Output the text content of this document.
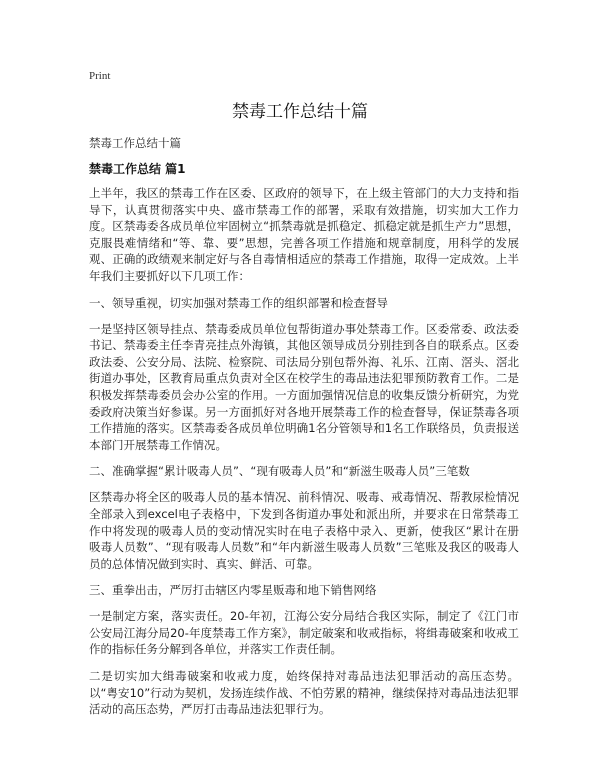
Print
禁毒工作总结十篇
禁毒工作总结十篇
禁毒工作总结 篇1

上半年，我区的禁毒工作在区委、区政府的领导下，在上级主管部门的大力支持和指导下，认真贯彻落实中央、盛市禁毒工作的部署，采取有效措施，切实加大工作力度。区禁毒委各成员单位牢固树立“抓禁毒就是抓稳定、抓稳定就是抓生产力”思想，克服畏难情绪和“等、靠、要”思想，完善各项工作措施和规章制度，用科学的发展观、正确的政绩观来制定好与各自毒情相适应的禁毒工作措施，取得一定成效。上半年我们主要抓好以下几项工作：

一、领导重视，切实加强对禁毒工作的组织部署和检查督导

一是坚持区领导挂点、禁毒委成员单位包帮街道办事处禁毒工作。区委常委、政法委书记、禁毒委主任李青亮挂点外海镇，其他区领导成员分别挂到各自的联系点。区委政法委、公安分局、法院、检察院、司法局分别包帮外海、礼乐、江南、滘头、滘北街道办事处，区教育局重点负责对全区在校学生的毒品违法犯罪预防教育工作。二是积极发挥禁毒委员会办公室的作用。一方面加强情况信息的收集反馈分析研究，为党委政府决策当好参谋。另一方面抓好对各地开展禁毒工作的检查督导，保证禁毒各项工作措施的落实。区禁毒委各成员单位明确1名分管领导和1名工作联络员，负责报送本部门开展禁毒工作情况。

二、准确掌握“累计吸毒人员”、“现有吸毒人员”和“新滋生吸毒人员”三笔数

区禁毒办将全区的吸毒人员的基本情况、前科情况、吸毒、戒毒情况、帮教尿检情况全部录入到excel电子表格中，下发到各街道办事处和派出所，并要求在日常禁毒工作中将发现的吸毒人员的变动情况实时在电子表格中录入、更新，使我区“累计在册吸毒人员数”、“现有吸毒人员数”和“年内新滋生吸毒人员数”三笔账及我区的吸毒人员的总体情况做到实时、真实、鲜活、可靠。

三、重拳出击，严厉打击辖区内零星贩毒和地下销售网络

一是制定方案，落实责任。20-年初，江海公安分局结合我区实际，制定了《江门市公安局江海分局20-年度禁毒工作方案》，制定破案和收戒指标，将缉毒破案和收戒工作的指标任务分解到各单位，并落实工作责任制。

二是切实加大缉毒破案和收戒力度，始终保持对毒品违法犯罪活动的高压态势。以“粤安10”行动为契机，发扬连续作战、不怕劳累的精神，继续保持对毒品违法犯罪活动的高压态势，严厉打击毒品违法犯罪行为。
